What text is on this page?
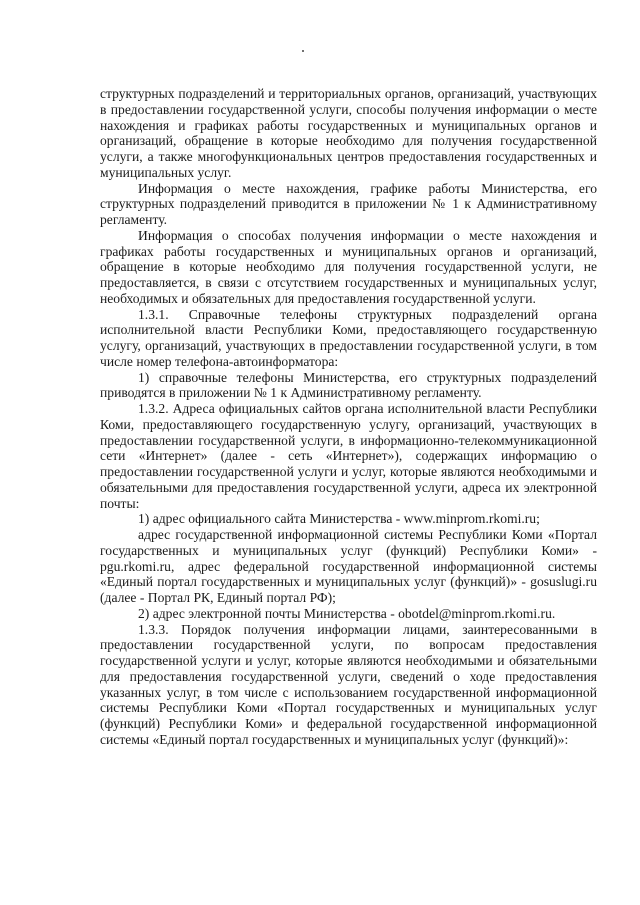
структурных подразделений и территориальных органов, организаций, участвующих в предоставлении государственной услуги, способы получения информации о месте нахождения и графиках работы государственных и муниципальных органов и организаций, обращение в которые необходимо для получения государственной услуги, а также многофункциональных центров предоставления государственных и муниципальных услуг.

Информация о месте нахождения, графике работы Министерства, его структурных подразделений приводится в приложении № 1 к Административному регламенту.

Информация о способах получения информации о месте нахождения и графиках работы государственных и муниципальных органов и организаций, обращение в которые необходимо для получения государственной услуги, не предоставляется, в связи с отсутствием государственных и муниципальных услуг, необходимых и обязательных для предоставления государственной услуги.

1.3.1. Справочные телефоны структурных подразделений органа исполнительной власти Республики Коми, предоставляющего государственную услугу, организаций, участвующих в предоставлении государственной услуги, в том числе номер телефона-автоинформатора:

1) справочные телефоны Министерства, его структурных подразделений приводятся в приложении № 1 к Административному регламенту.

1.3.2. Адреса официальных сайтов органа исполнительной власти Республики Коми, предоставляющего государственную услугу, организаций, участвующих в предоставлении государственной услуги, в информационно-телекоммуникационной сети «Интернет» (далее - сеть «Интернет»), содержащих информацию о предоставлении государственной услуги и услуг, которые являются необходимыми и обязательными для предоставления государственной услуги, адреса их электронной почты:

1) адрес официального сайта Министерства - www.minprom.rkomi.ru;

адрес государственной информационной системы Республики Коми «Портал государственных и муниципальных услуг (функций) Республики Коми» - pgu.rkomi.ru, адрес федеральной государственной информационной системы «Единый портал государственных и муниципальных услуг (функций)» - gosuslugi.ru (далее - Портал РК, Единый портал РФ);

2) адрес электронной почты Министерства - obotdel@minprom.rkomi.ru.

1.3.3. Порядок получения информации лицами, заинтересованными в предоставлении государственной услуги, по вопросам предоставления государственной услуги и услуг, которые являются необходимыми и обязательными для предоставления государственной услуги, сведений о ходе предоставления указанных услуг, в том числе с использованием государственной информационной системы Республики Коми «Портал государственных и муниципальных услуг (функций) Республики Коми» и федеральной государственной информационной системы «Единый портал государственных и муниципальных услуг (функций)»:
